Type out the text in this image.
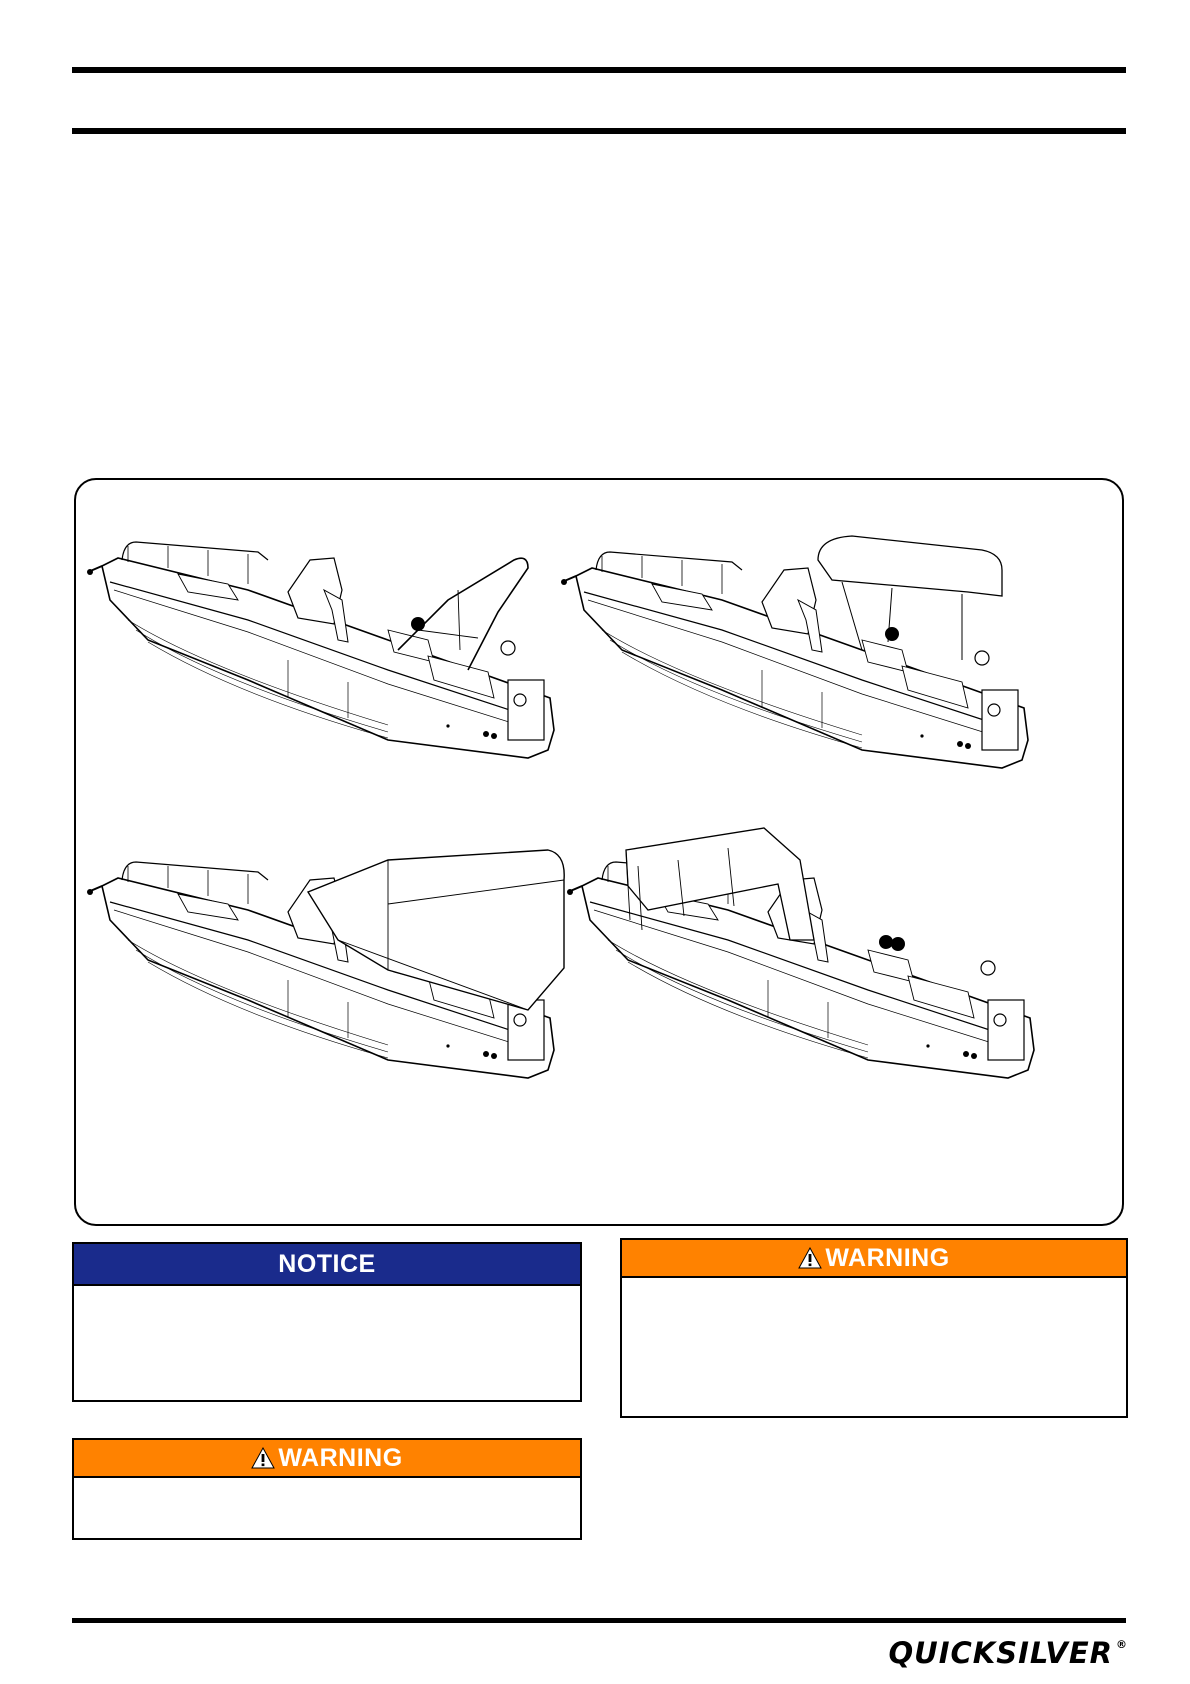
NOTICE	WARNING
WARNING
QUICKSILVER ®
